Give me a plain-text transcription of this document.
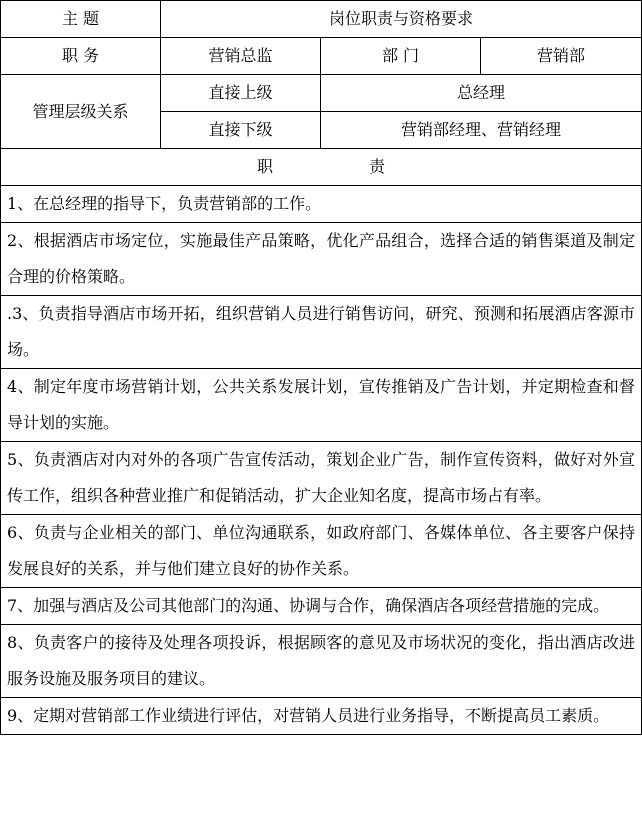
主 题	岗位职责与资格要求		
职 务	营销总监	部 门	营销部
管理层级关系	直接上级	总经理	
	直接下级	营销部经理、营销经理	
职责			
1、在总经理的指导下，负责营销部的工作。			
2、根据酒店市场定位，实施最佳产品策略，优化产品组合，选择合适的销售渠道及制定合理的价格策略。			
.3、负责指导酒店市场开拓，组织营销人员进行销售访问，研究、预测和拓展酒店客源市场。			
4、制定年度市场营销计划，公共关系发展计划，宣传推销及广告计划，并定期检查和督导计划的实施。			
5、负责酒店对内对外的各项广告宣传活动，策划企业广告，制作宣传资料，做好对外宣传工作，组织各种营业推广和促销活动，扩大企业知名度，提高市场占有率。			
6、负责与企业相关的部门、单位沟通联系，如政府部门、各媒体单位、各主要客户保持发展良好的关系，并与他们建立良好的协作关系。			
7、加强与酒店及公司其他部门的沟通、协调与合作，确保酒店各项经营措施的完成。			
8、负责客户的接待及处理各项投诉，根据顾客的意见及市场状况的变化，指出酒店改进服务设施及服务项目的建议。			
9、定期对营销部工作业绩进行评估，对营销人员进行业务指导，不断提高员工素质。			
